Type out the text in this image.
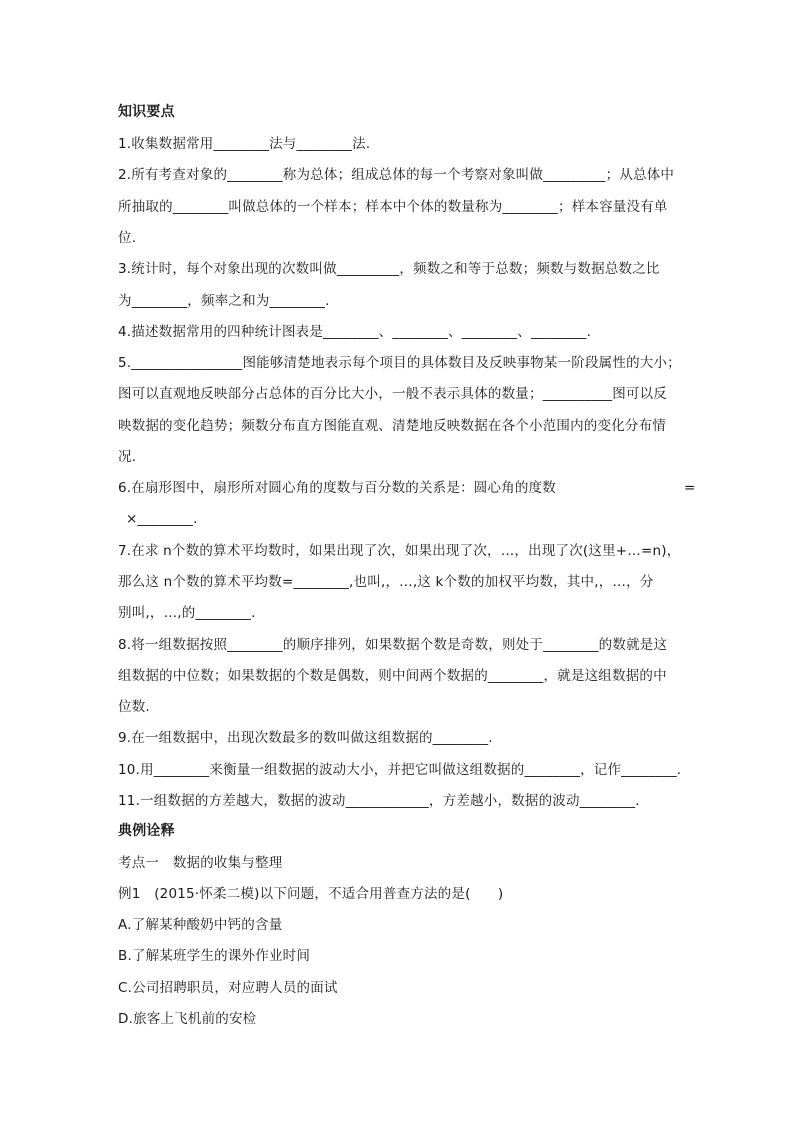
知识要点
1.收集数据常用________法与________法.
2.所有考查对象的________称为总体；组成总体的每一个考察对象叫做_________；从总体中
所抽取的________叫做总体的一个样本；样本中个体的数量称为________；样本容量没有单
位.
3.统计时，每个对象出现的次数叫做_________，频数之和等于总数；频数与数据总数之比
为________，频率之和为________.
4.描述数据常用的四种统计图表是________、________、________、________.
5.________________图能够清楚地表示每个项目的具体数目及反映事物某一阶段属性的大小；
图可以直观地反映部分占总体的百分比大小，一般不表示具体的数量；__________图可以反
映数据的变化趋势；频数分布直方图能直观、清楚地反映数据在各个小范围内的变化分布情
况.
6.在扇形图中，扇形所对圆心角的度数与百分数的关系是：圆心角的度数	=
×________.
7.在求 n个数的算术平均数时，如果出现了次，如果出现了次，…，出现了次(这里+…=n)，
那么这 n个数的算术平均数=________,也叫,，…,这 k个数的加权平均数，其中,，…，分
别叫,，…,的________.
8.将一组数据按照________的顺序排列，如果数据个数是奇数，则处于________的数就是这
组数据的中位数；如果数据的个数是偶数，则中间两个数据的________，就是这组数据的中
位数.
9.在一组数据中，出现次数最多的数叫做这组数据的________.
10.用________来衡量一组数据的波动大小，并把它叫做这组数据的________，记作________.
11.一组数据的方差越大，数据的波动____________，方差越小，数据的波动________.
典例诠释
考点一　数据的收集与整理
例1　(2015·怀柔二模)以下问题，不适合用普查方法的是(　　)
A.了解某种酸奶中钙的含量
B.了解某班学生的课外作业时间
C.公司招聘职员，对应聘人员的面试
D.旅客上飞机前的安检
